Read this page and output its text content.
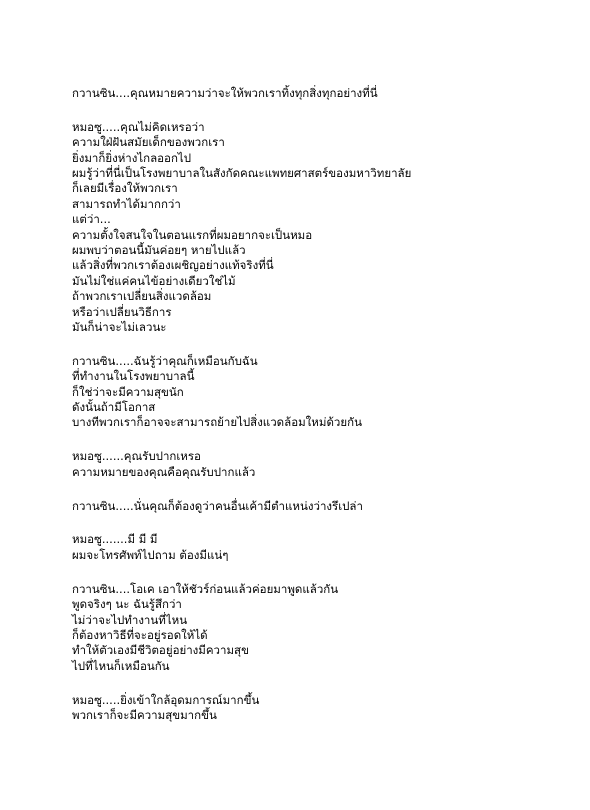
กวานซิน....คุณหมายความว่าจะให้พวกเราทิ้งทุกสิ่งทุกอย่างที่นี่
หมอซู.....คุณไม่คิดเหรอว่า
ความใฝ่ฝันสมัยเด็กของพวกเรา
ยิ่งมาก็ยิ่งห่างไกลออกไป
ผมรู้ว่าที่นี่เป็นโรงพยาบาลในสังกัดคณะแพทยศาสตร์ของมหาวิทยาลัย
ก็เลยมีเรื่องให้พวกเรา
สามารถทำได้มากกว่า
แต่ว่า...
ความตั้งใจสนใจในตอนแรกที่ผมอยากจะเป็นหมอ
ผมพบว่าตอนนี้มันค่อยๆ หายไปแล้ว
แล้วสิ่งที่พวกเราต้องเผชิญอย่างแท้จริงที่นี่
มันไม่ใช่แค่คนไข้อย่างเดียวใช่ไม้
ถ้าพวกเราเปลี่ยนสิ่งแวดล้อม
หรือว่าเปลี่ยนวิธีการ
มันก็น่าจะไม่เลวนะ
กวานซิน.....ฉันรู้ว่าคุณก็เหมือนกับฉัน
ที่ทำงานในโรงพยาบาลนี้
ก็ใช่ว่าจะมีความสุขนัก
ดังนั้นถ้ามีโอกาส
บางทีพวกเราก็อาจจะสามารถย้ายไปสิ่งแวดล้อมใหม่ด้วยกัน
หมอซู......คุณรับปากเหรอ
ความหมายของคุณคือคุณรับปากแล้ว
กวานซิน.....นั่นคุณก็ต้องดูว่าคนอื่นเค้ามีตำแหน่งว่างรึเปล่า
หมอซู.......มี มี มี
ผมจะโทรศัพท์ไปถาม ต้องมีแน่ๆ
กวานซิน....โอเค เอาให้ชัวร์ก่อนแล้วค่อยมาพูดแล้วกัน
พูดจริงๆ นะ ฉันรู้สึกว่า
ไม่ว่าจะไปทำงานที่ไหน
ก็ต้องหาวิธีที่จะอยู่รอดให้ได้
ทำให้ตัวเองมีชีวิตอยู่อย่างมีความสุข
ไปที่ไหนก็เหมือนกัน
หมอซู.....ยิ่งเข้าใกล้อุดมการณ์มากขึ้น
พวกเราก็จะมีความสุขมากขึ้น
